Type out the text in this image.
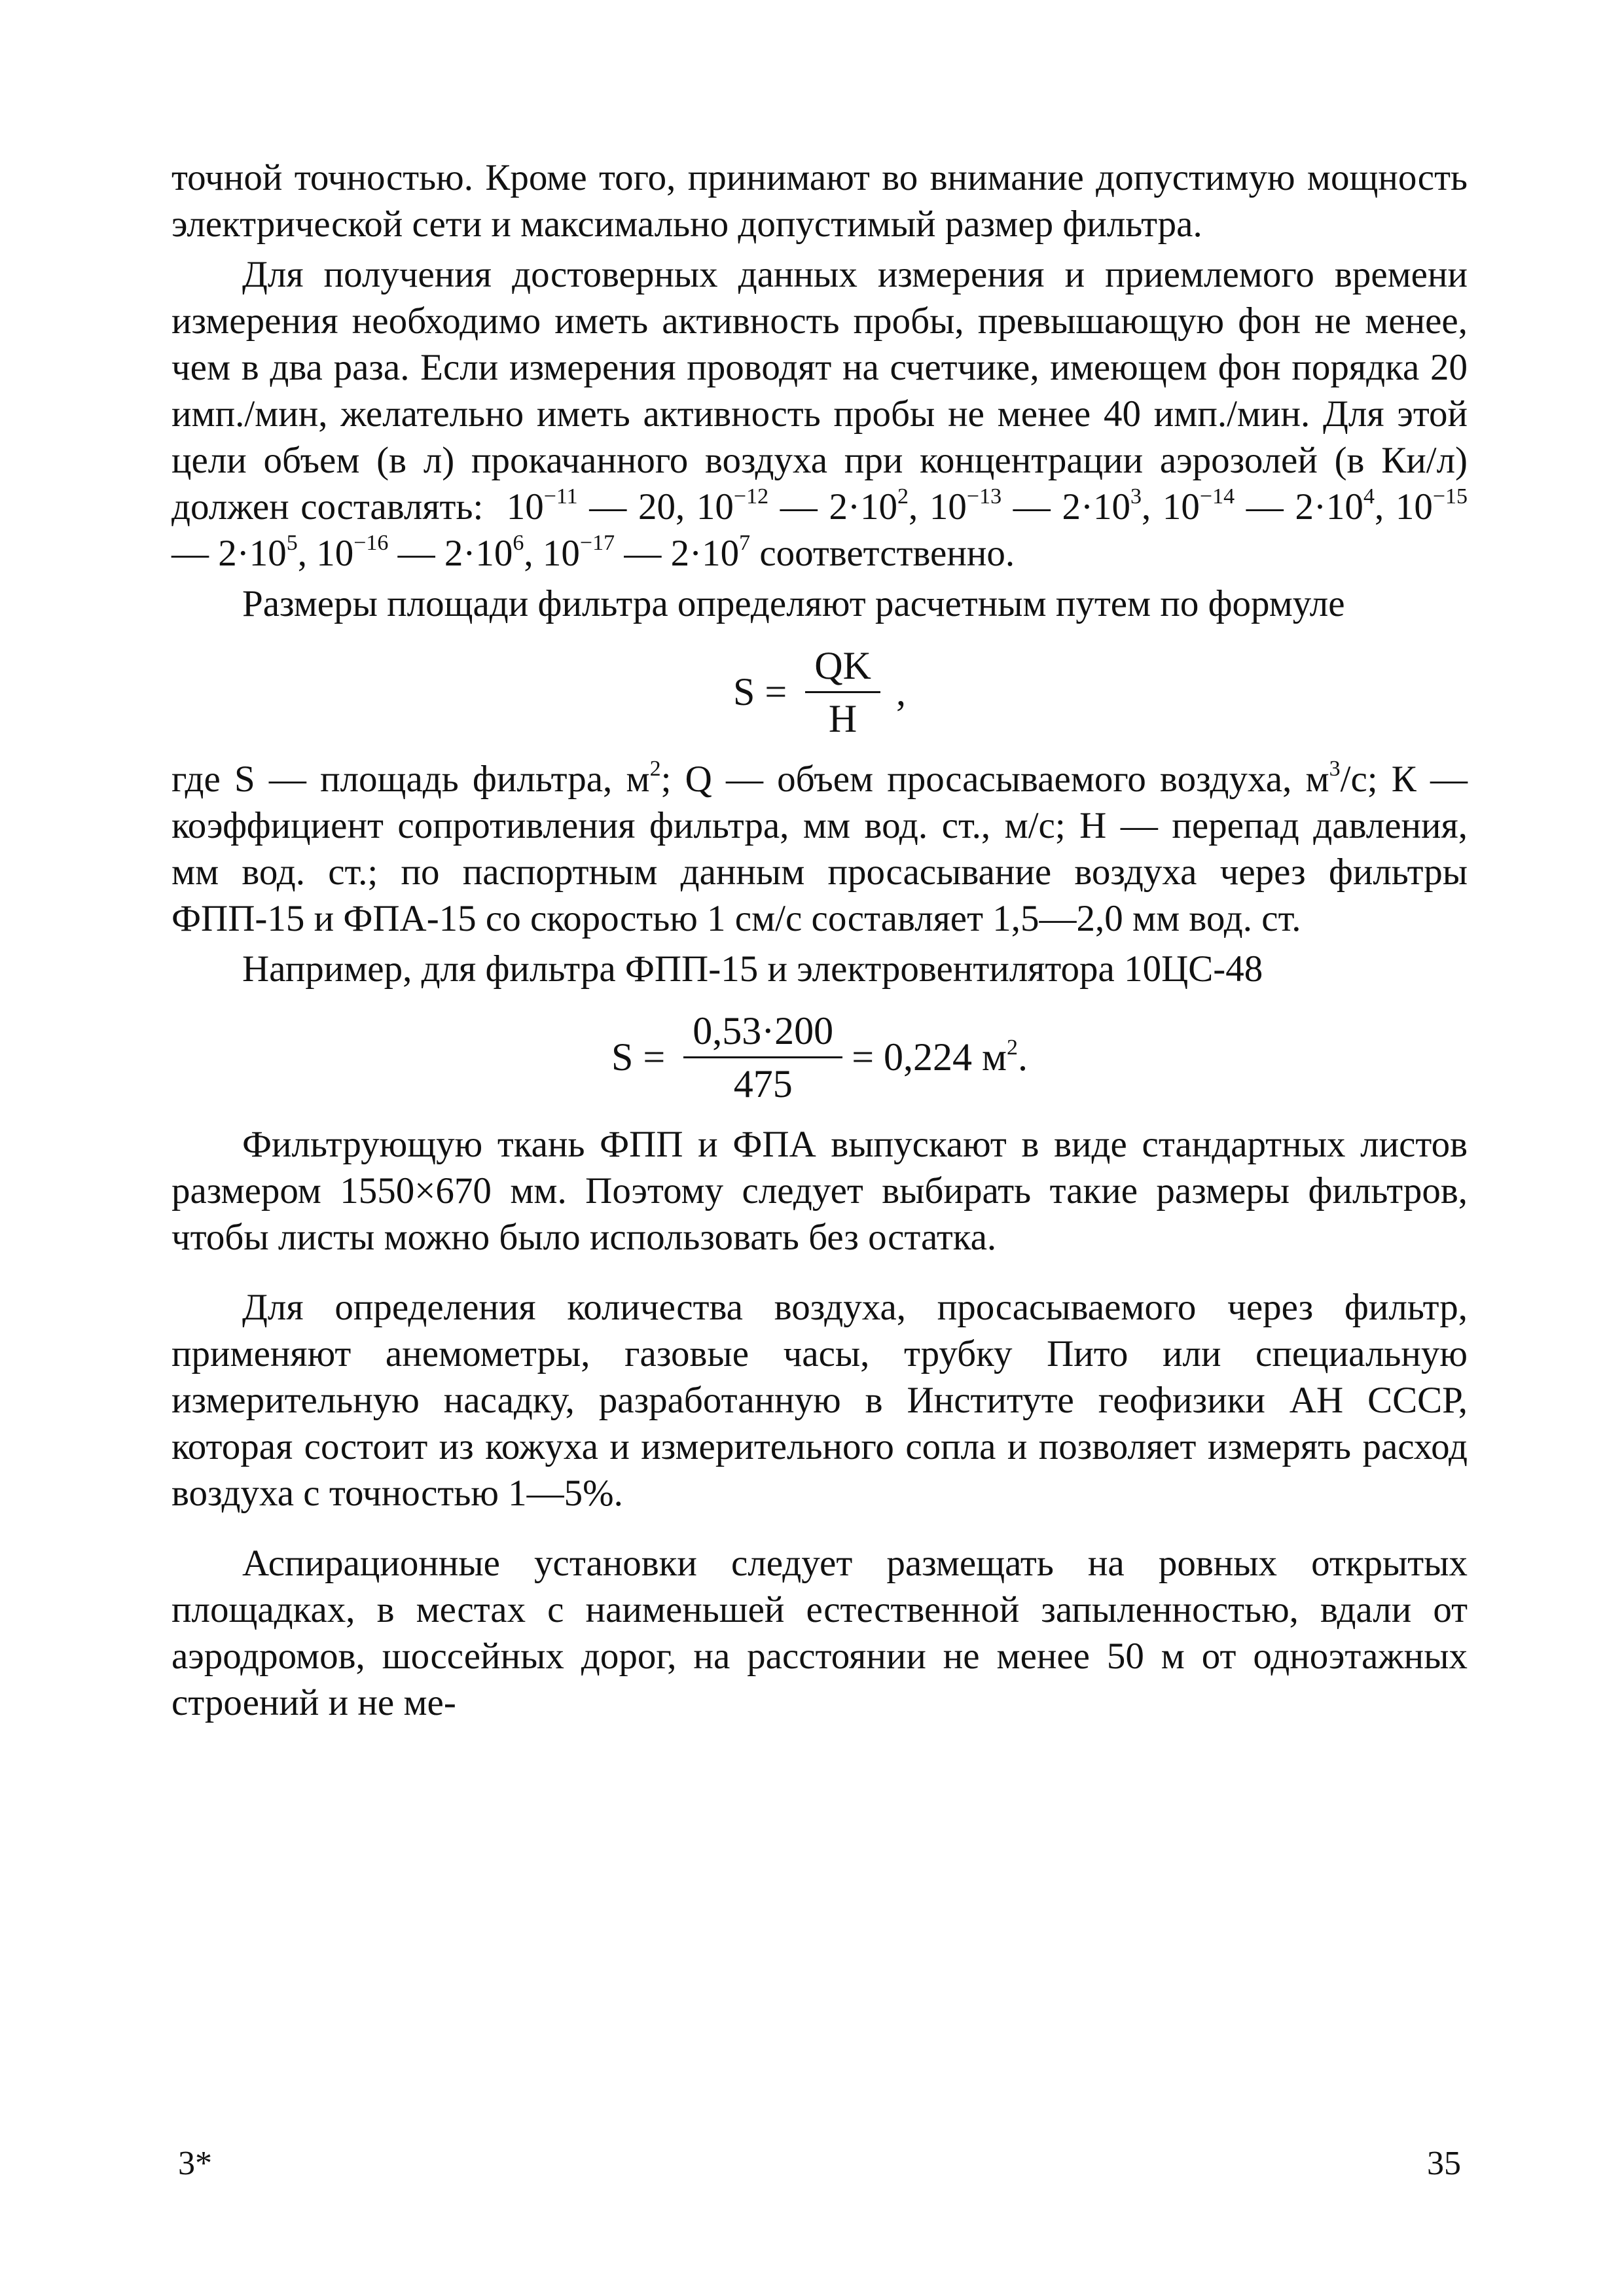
точной точностью. Кроме того, принимают во внимание допустимую мощность электрической сети и максимально допустимый размер фильтра.

Для получения достоверных данных измерения и приемлемого времени измерения необходимо иметь активность пробы, превышающую фон не менее, чем в два раза. Если измерения проводят на счетчике, имеющем фон порядка 20 имп./мин, желательно иметь активность пробы не менее 40 имп./мин. Для этой цели объем (в л) прокачанного воздуха при концентрации аэрозолей (в Ки/л) должен составлять: $10^{-11}$ — 20, $10^{-12}$ — $2\cdot 10^2$, $10^{-13}$ — $2\cdot 10^3$, $10^{-14}$ — $2\cdot 10^4$, $10^{-15}$ — $2\cdot 10^5$, $10^{-16}$ — $2\cdot 10^6$, $10^{-17}$ — $2\cdot 10^7$ соответственно.

Размеры площади фильтра определяют расчетным путем по формуле

$S = \frac{QK}{H}$ ,

где S — площадь фильтра, $м^2$; Q — объем просасываемого воздуха, $м^3/с$; К — коэффициент сопротивления фильтра, мм вод. ст., м/с; Н — перепад давления, мм вод. ст.; по паспортным данным просасывание воздуха через фильтры ФПП-15 и ФПА-15 со скоростью 1 см/с составляет 1,5—2,0 мм вод. ст.

Например, для фильтра ФПП-15 и электровентилятора 10ЦС-48

$S = \frac{0,53\cdot 200}{475} = 0,224$ $м^2$.

Фильтрующую ткань ФПП и ФПА выпускают в виде стандартных листов размером 1550×670 мм. Поэтому следует выбирать такие размеры фильтров, чтобы листы можно было использовать без остатка.

Для определения количества воздуха, просасываемого через фильтр, применяют анемометры, газовые часы, трубку Пито или специальную измерительную насадку, разработанную в Институте геофизики АН СССР, которая состоит из кожуха и измерительного сопла и позволяет измерять расход воздуха с точностью 1—5%.

Аспирационные установки следует размещать на ровных открытых площадках, в местах с наименьшей естественной запыленностью, вдали от аэродромов, шоссейных дорог, на расстоянии не менее 50 м от одноэтажных строений и не ме-

3*	35
